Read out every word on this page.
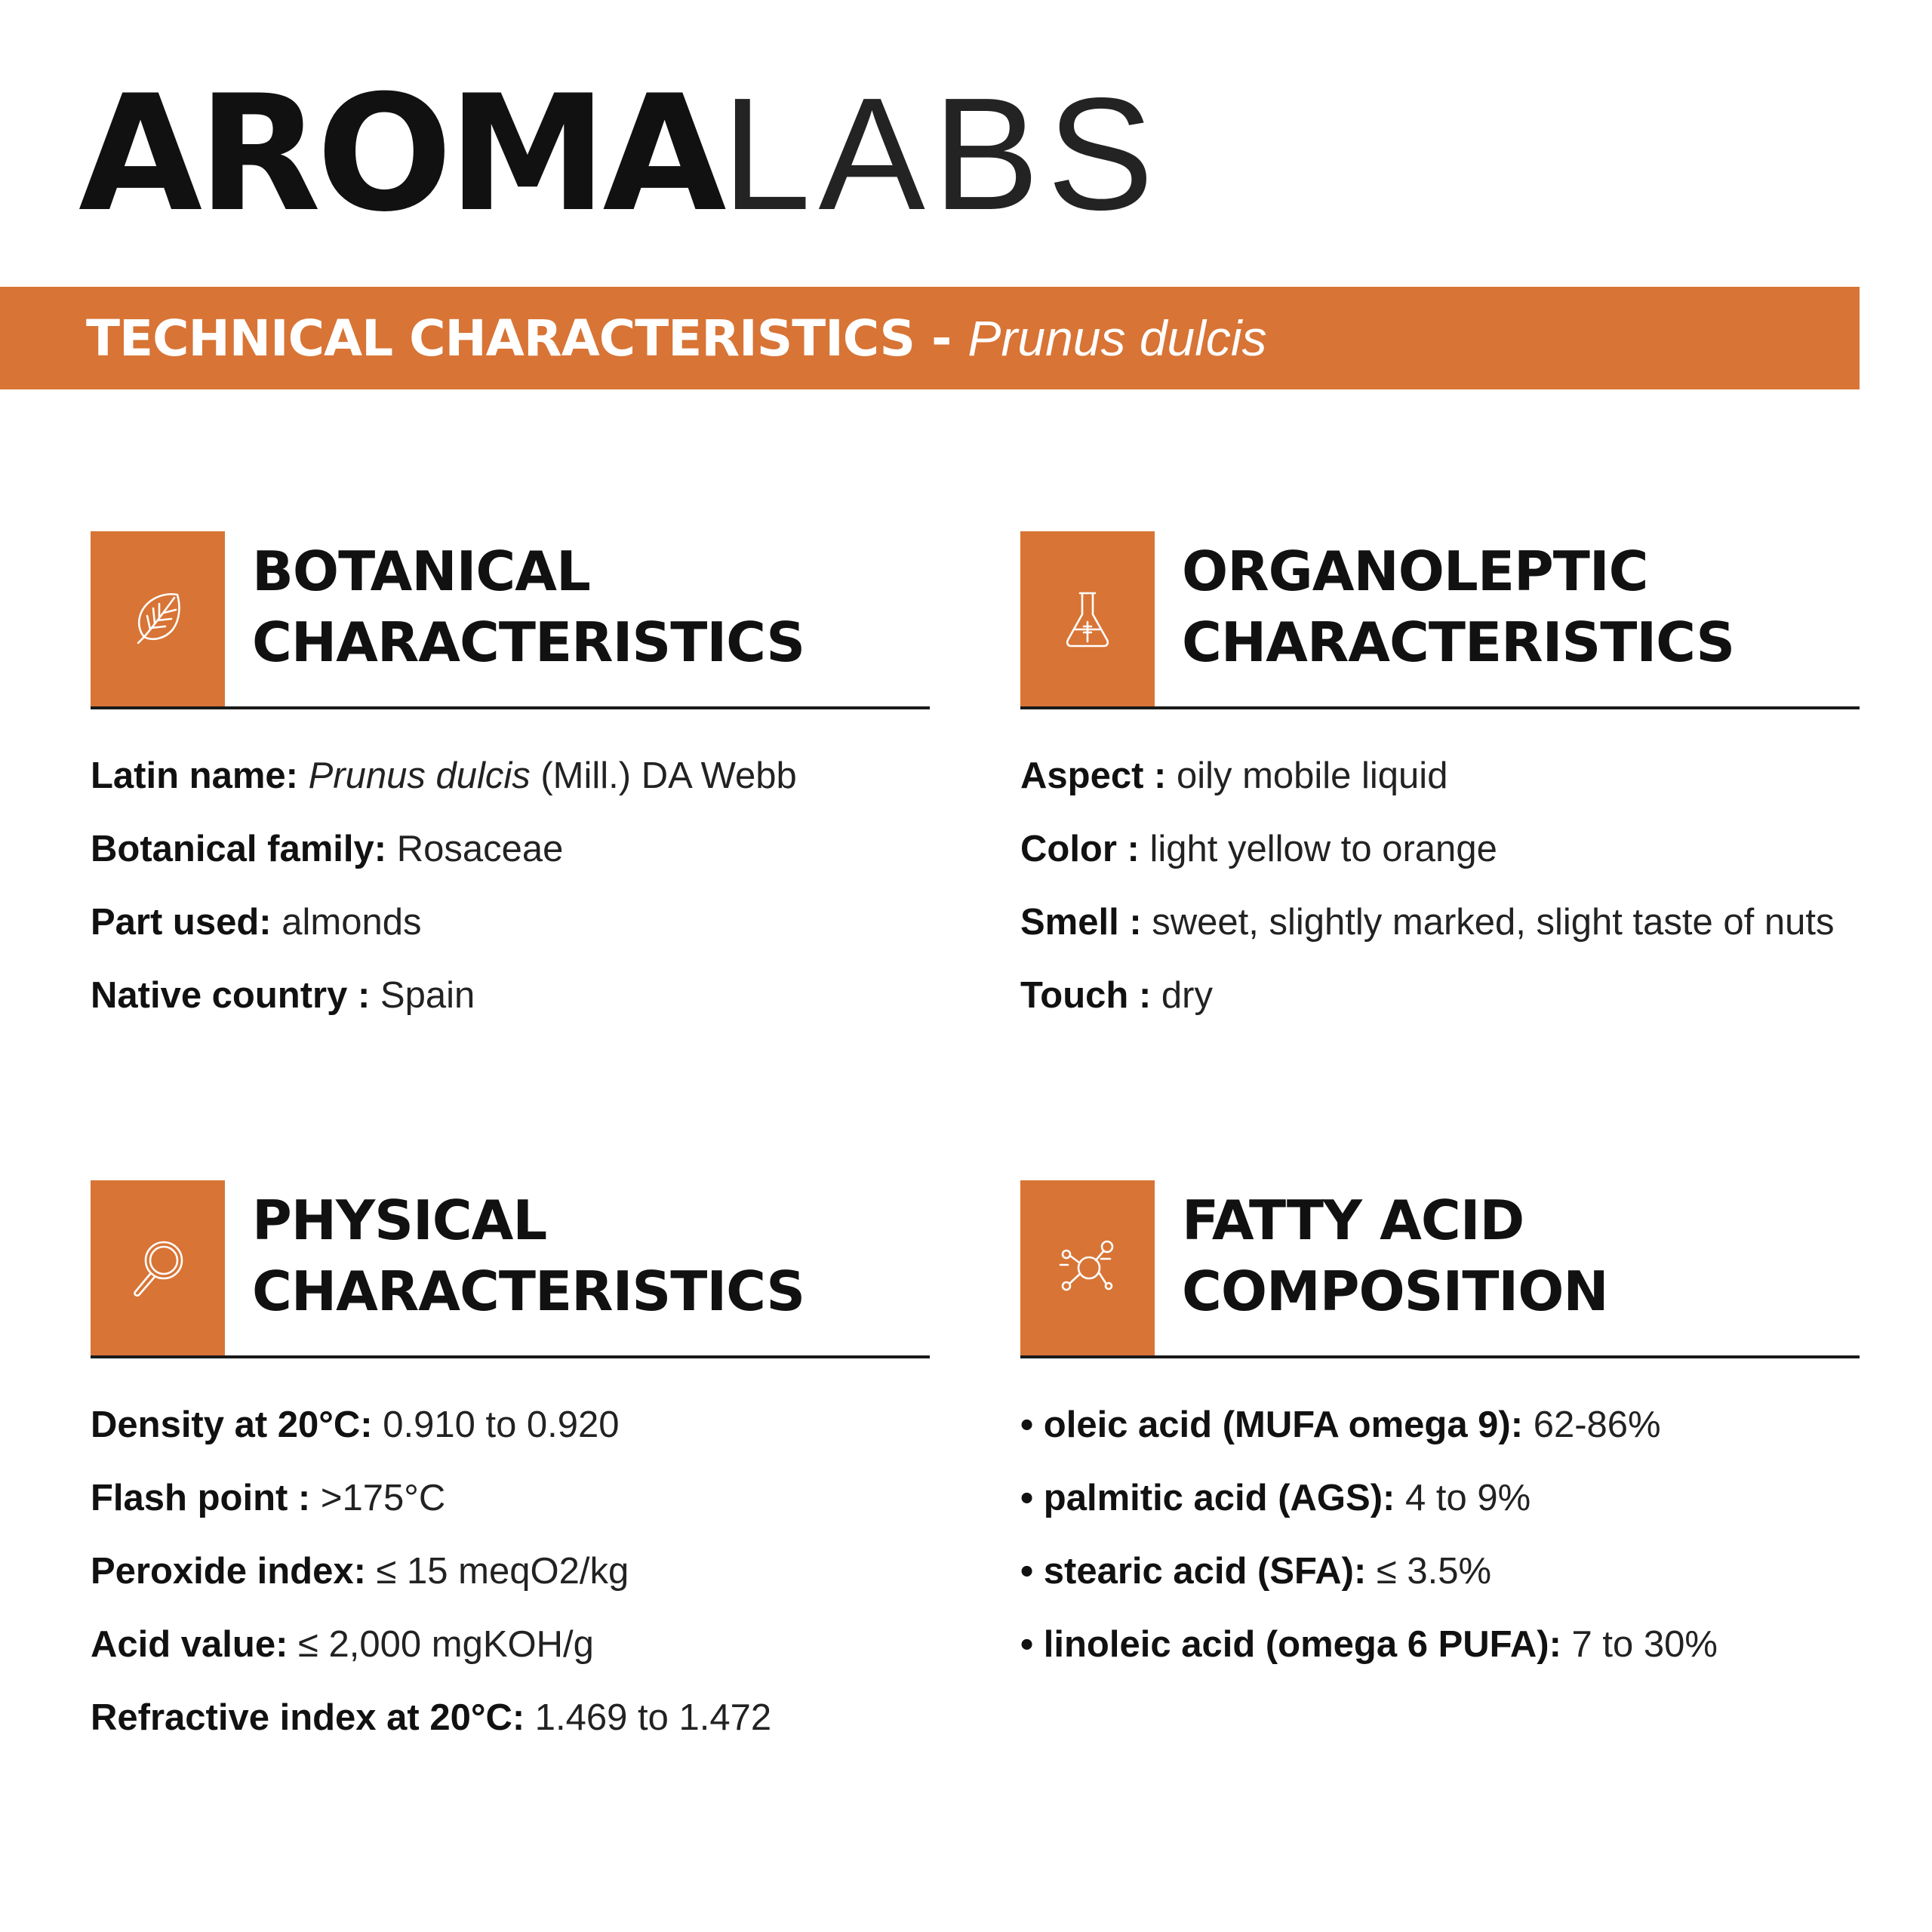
AROMALABS
TECHNICAL CHARACTERISTICS - Prunus dulcis
BOTANICAL
CHARACTERISTICS
Latin name: Prunus dulcis (Mill.) DA Webb
Botanical family: Rosaceae
Part used: almonds
Native country : Spain
ORGANOLEPTIC
CHARACTERISTICS
Aspect : oily mobile liquid
Color : light yellow to orange
Smell : sweet, slightly marked, slight taste of nuts
Touch : dry
PHYSICAL
CHARACTERISTICS
Density at 20°C: 0.910 to 0.920
Flash point : >175°C
Peroxide index: ≤ 15 meqO2/kg
Acid value: ≤ 2,000 mgKOH/g
Refractive index at 20°C: 1.469 to 1.472
FATTY ACID
COMPOSITION
• oleic acid (MUFA omega 9): 62-86%
• palmitic acid (AGS): 4 to 9%
• stearic acid (SFA): ≤ 3.5%
• linoleic acid (omega 6 PUFA): 7 to 30%
